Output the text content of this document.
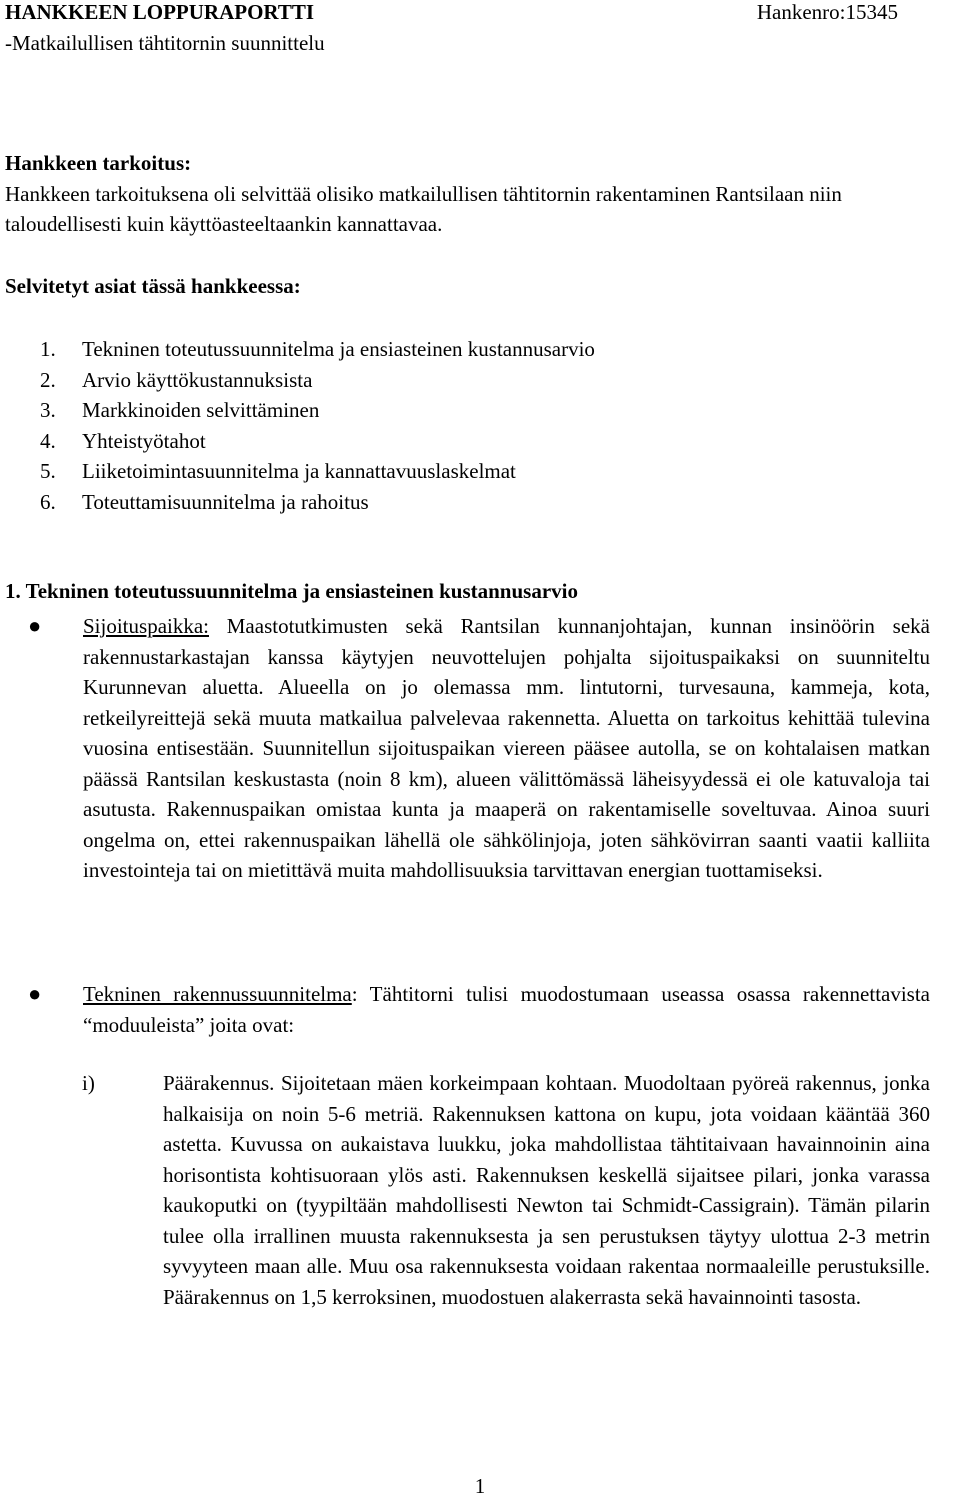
HANKKEEN LOPPURAPORTTI	Hankenro:15345
-Matkailullisen tähtitornin suunnittelu
Hankkeen tarkoitus:
Hankkeen tarkoituksena oli selvittää olisiko matkailullisen tähtitornin rakentaminen Rantsilaan niin taloudellisesti kuin käyttöasteeltaankin kannattavaa.
Selvitetyt asiat tässä hankkeessa:
1.	Tekninen toteutussuunnitelma ja ensiasteinen kustannusarvio
2.	Arvio käyttökustannuksista
3.	Markkinoiden selvittäminen
4.	Yhteistyötahot
5.	Liiketoimintasuunnitelma ja kannattavuuslaskelmat
6.	Toteuttamisuunnitelma ja rahoitus
1. Tekninen toteutussuunnitelma ja ensiasteinen kustannusarvio
●	Sijoituspaikka: Maastotutkimusten sekä Rantsilan kunnanjohtajan, kunnan insinöörin sekä rakennustarkastajan kanssa käytyjen neuvottelujen pohjalta sijoituspaikaksi on suunniteltu Kurunnevan aluetta. Alueella on jo olemassa mm. lintutorni, turvesauna, kammeja, kota, retkeilyreittejä sekä muuta matkailua palvelevaa rakennetta. Aluetta on tarkoitus kehittää tulevina vuosina entisestään. Suunnitellun sijoituspaikan viereen pääsee autolla, se on kohtalaisen matkan päässä Rantsilan keskustasta (noin 8 km), alueen välittömässä läheisyydessä ei ole katuvaloja tai asutusta. Rakennuspaikan omistaa kunta ja maaperä on rakentamiselle soveltuvaa. Ainoa suuri ongelma on, ettei rakennuspaikan lähellä ole sähkölinjoja, joten sähkövirran saanti vaatii kalliita investointeja tai on mietittävä muita mahdollisuuksia tarvittavan energian tuottamiseksi.
●	Tekninen rakennussuunnitelma: Tähtitorni tulisi muodostumaan useassa osassa rakennettavista “moduuleista” joita ovat:
i)	Päärakennus. Sijoitetaan mäen korkeimpaan kohtaan. Muodoltaan pyöreä rakennus, jonka halkaisija on noin 5-6 metriä. Rakennuksen kattona on kupu, jota voidaan kääntää 360 astetta. Kuvussa on aukaistava luukku, joka mahdollistaa tähtitaivaan havainnoinin aina horisontista kohtisuoraan ylös asti. Rakennuksen keskellä sijaitsee pilari, jonka varassa kaukoputki on (tyypiltään mahdollisesti Newton tai Schmidt-Cassigrain). Tämän pilarin tulee olla irrallinen muusta rakennuksesta ja sen perustuksen täytyy ulottua 2-3 metrin syvyyteen maan alle. Muu osa rakennuksesta voidaan rakentaa normaaleille perustuksille. Päärakennus on 1,5 kerroksinen, muodostuen alakerrasta sekä havainnointi tasosta.
1
